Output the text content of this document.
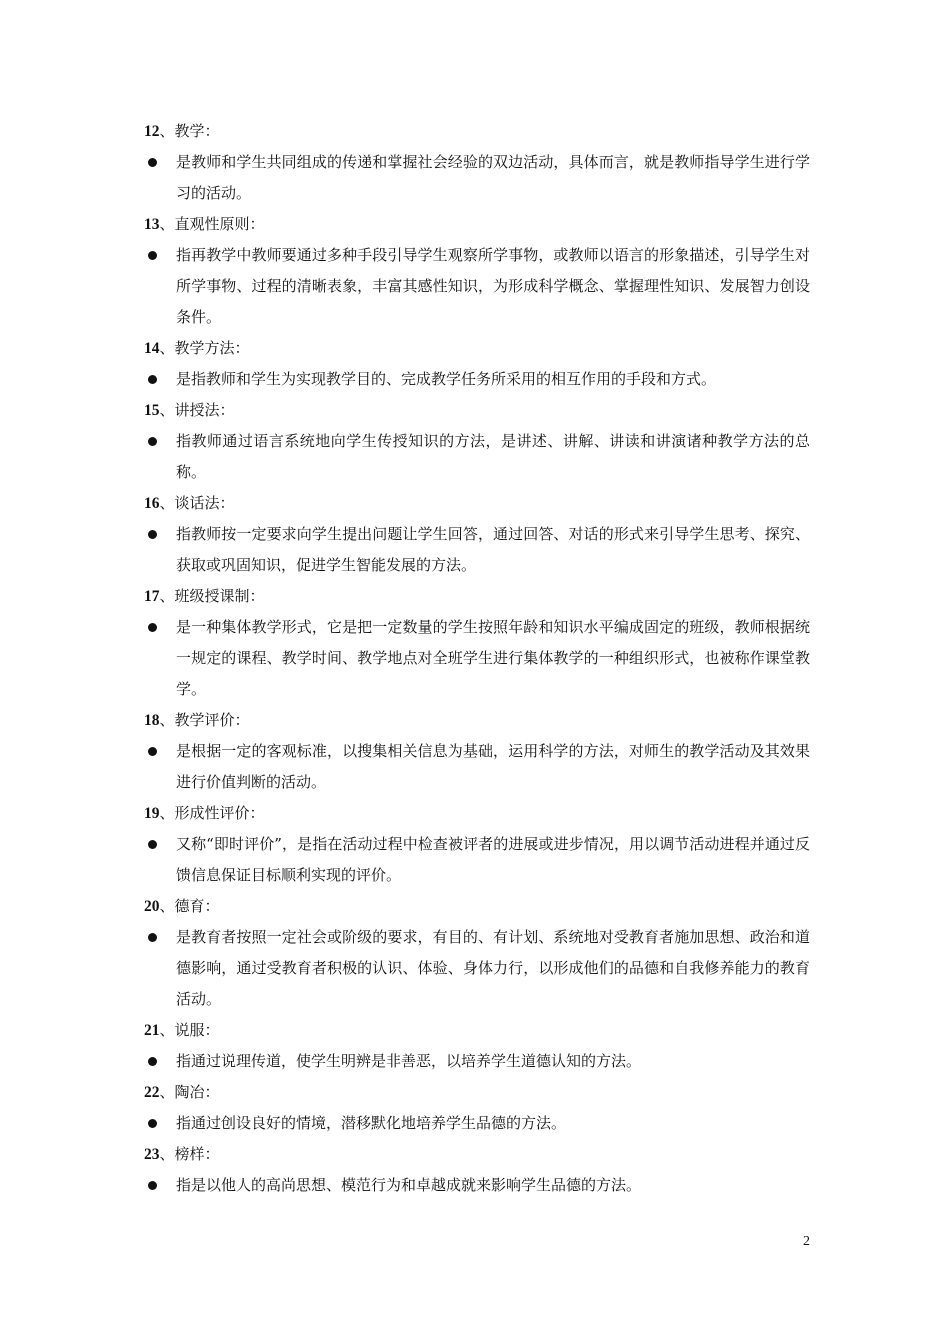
12、教学：
是教师和学生共同组成的传递和掌握社会经验的双边活动，具体而言，就是教师指导学生进行学习的活动。
13、直观性原则：
指再教学中教师要通过多种手段引导学生观察所学事物，或教师以语言的形象描述，引导学生对所学事物、过程的清晰表象，丰富其感性知识，为形成科学概念、掌握理性知识、发展智力创设条件。
14、教学方法：
是指教师和学生为实现教学目的、完成教学任务所采用的相互作用的手段和方式。
15、讲授法：
指教师通过语言系统地向学生传授知识的方法，是讲述、讲解、讲读和讲演诸种教学方法的总称。
16、谈话法：
指教师按一定要求向学生提出问题让学生回答，通过回答、对话的形式来引导学生思考、探究、获取或巩固知识，促进学生智能发展的方法。
17、班级授课制：
是一种集体教学形式，它是把一定数量的学生按照年龄和知识水平编成固定的班级，教师根据统一规定的课程、教学时间、教学地点对全班学生进行集体教学的一种组织形式，也被称作课堂教学。
18、教学评价：
是根据一定的客观标准，以搜集相关信息为基础，运用科学的方法，对师生的教学活动及其效果进行价值判断的活动。
19、形成性评价：
又称“即时评价”，是指在活动过程中检查被评者的进展或进步情况，用以调节活动进程并通过反馈信息保证目标顺利实现的评价。
20、德育：
是教育者按照一定社会或阶级的要求，有目的、有计划、系统地对受教育者施加思想、政治和道德影响，通过受教育者积极的认识、体验、身体力行，以形成他们的品德和自我修养能力的教育活动。
21、说服：
指通过说理传道，使学生明辨是非善恶，以培养学生道德认知的方法。
22、陶冶：
指通过创设良好的情境，潜移默化地培养学生品德的方法。
23、榜样：
指是以他人的高尚思想、模范行为和卓越成就来影响学生品德的方法。
2
